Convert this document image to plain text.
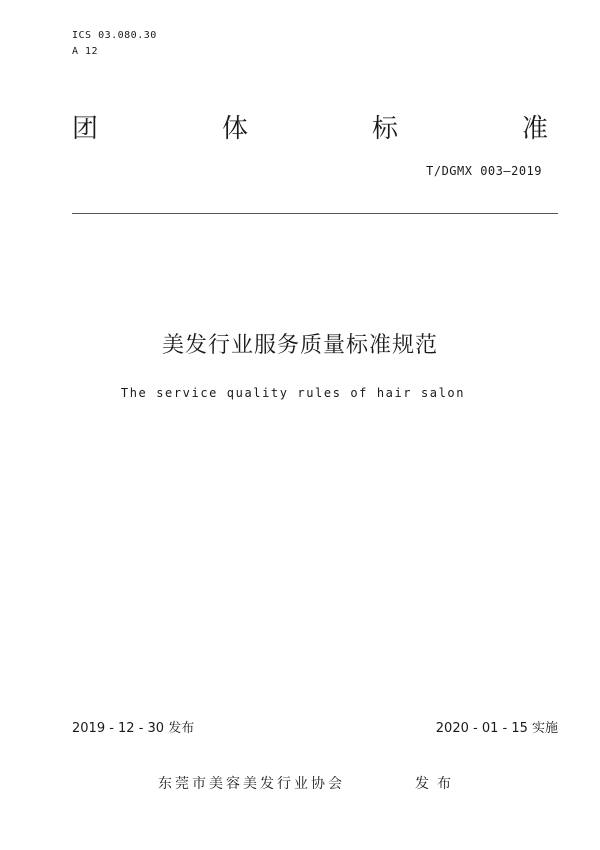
ICS 03.080.30
A 12
团	体	标	准
T/DGMX 003—2019
美发行业服务质量标准规范
The service quality rules of hair salon
2019 - 12 - 30 发布	2020 - 01 - 15 实施
东莞市美容美发行业协会	发布
